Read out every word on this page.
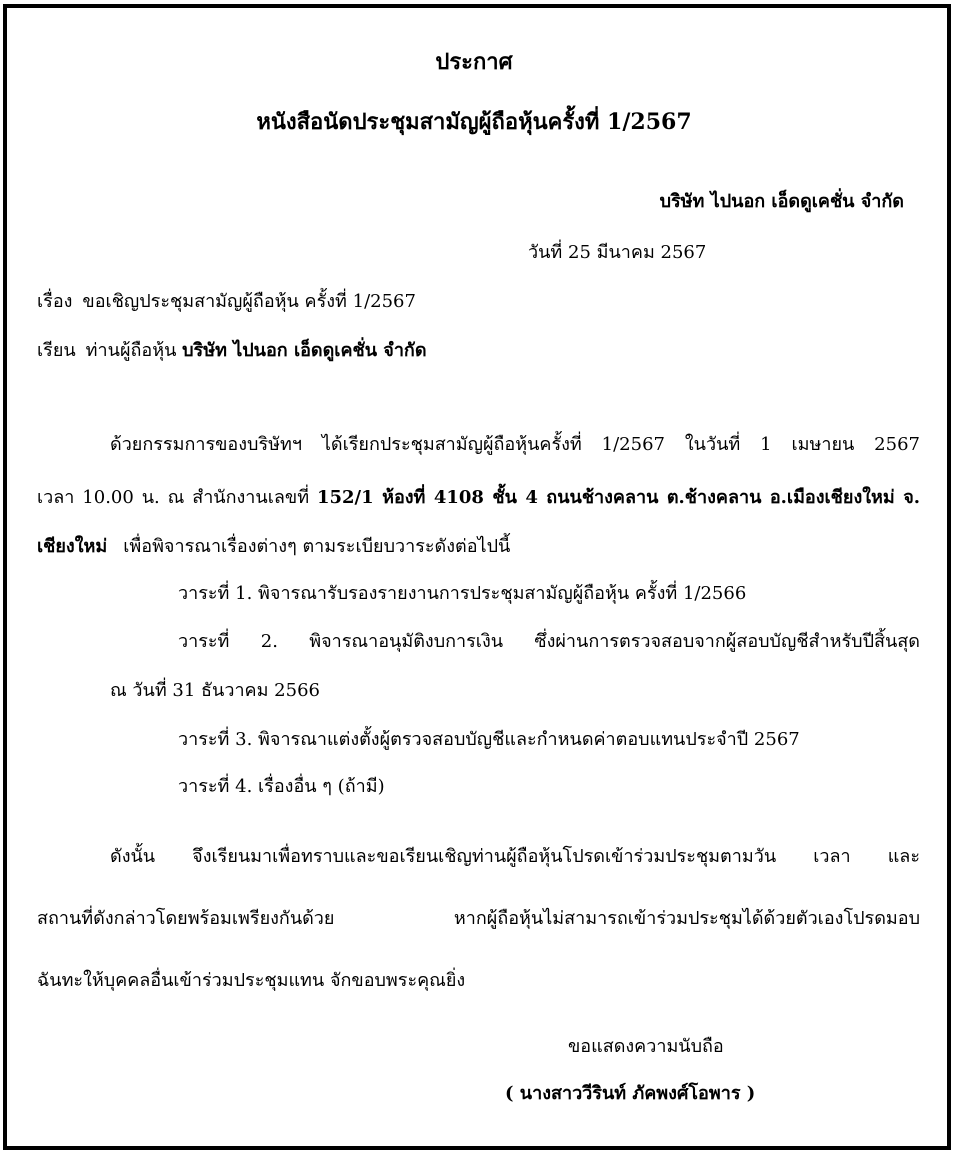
ประกาศ
หนังสือนัดประชุมสามัญผู้ถือหุ้นครั้งที่ 1/2567
บริษัท ไปนอก เอ็ดดูเคชั่น จำกัด
วันที่ 25 มีนาคม 2567
เรื่อง ขอเชิญประชุมสามัญผู้ถือหุ้น ครั้งที่ 1/2567
เรียน ท่านผู้ถือหุ้น บริษัท ไปนอก เอ็ดดูเคชั่น จำกัด
ด้วยกรรมการของบริษัทฯ ได้เรียกประชุมสามัญผู้ถือหุ้นครั้งที่ 1/2567 ในวันที่ 1 เมษายน 2567
เวลา 10.00 น. ณ สำนักงานเลขที่ 152/1 ห้องที่ 4108 ชั้น 4 ถนนช้างคลาน ต.ช้างคลาน อ.เมืองเชียงใหม่ จ.
เชียงใหม่ เพื่อพิจารณาเรื่องต่างๆ ตามระเบียบวาระดังต่อไปนี้
วาระที่ 1. พิจารณารับรองรายงานการประชุมสามัญผู้ถือหุ้น ครั้งที่ 1/2566
วาระที่ 2. พิจารณาอนุมัติงบการเงิน ซึ่งผ่านการตรวจสอบจากผู้สอบบัญชีสำหรับปีสิ้นสุด
ณ วันที่ 31 ธันวาคม 2566
วาระที่ 3. พิจารณาแต่งตั้งผู้ตรวจสอบบัญชีและกำหนดค่าตอบแทนประจำปี 2567
วาระที่ 4. เรื่องอื่น ๆ (ถ้ามี)
ดังนั้น จึงเรียนมาเพื่อทราบและขอเรียนเชิญท่านผู้ถือหุ้นโปรดเข้าร่วมประชุมตามวัน เวลา และ
สถานที่ดังกล่าวโดยพร้อมเพรียงกันด้วย หากผู้ถือหุ้นไม่สามารถเข้าร่วมประชุมได้ด้วยตัวเองโปรดมอบ
ฉันทะให้บุคคลอื่นเข้าร่วมประชุมแทน จักขอบพระคุณยิ่ง
ขอแสดงความนับถือ
( นางสาววีรินท์ ภัคพงศ์โอพาร )
